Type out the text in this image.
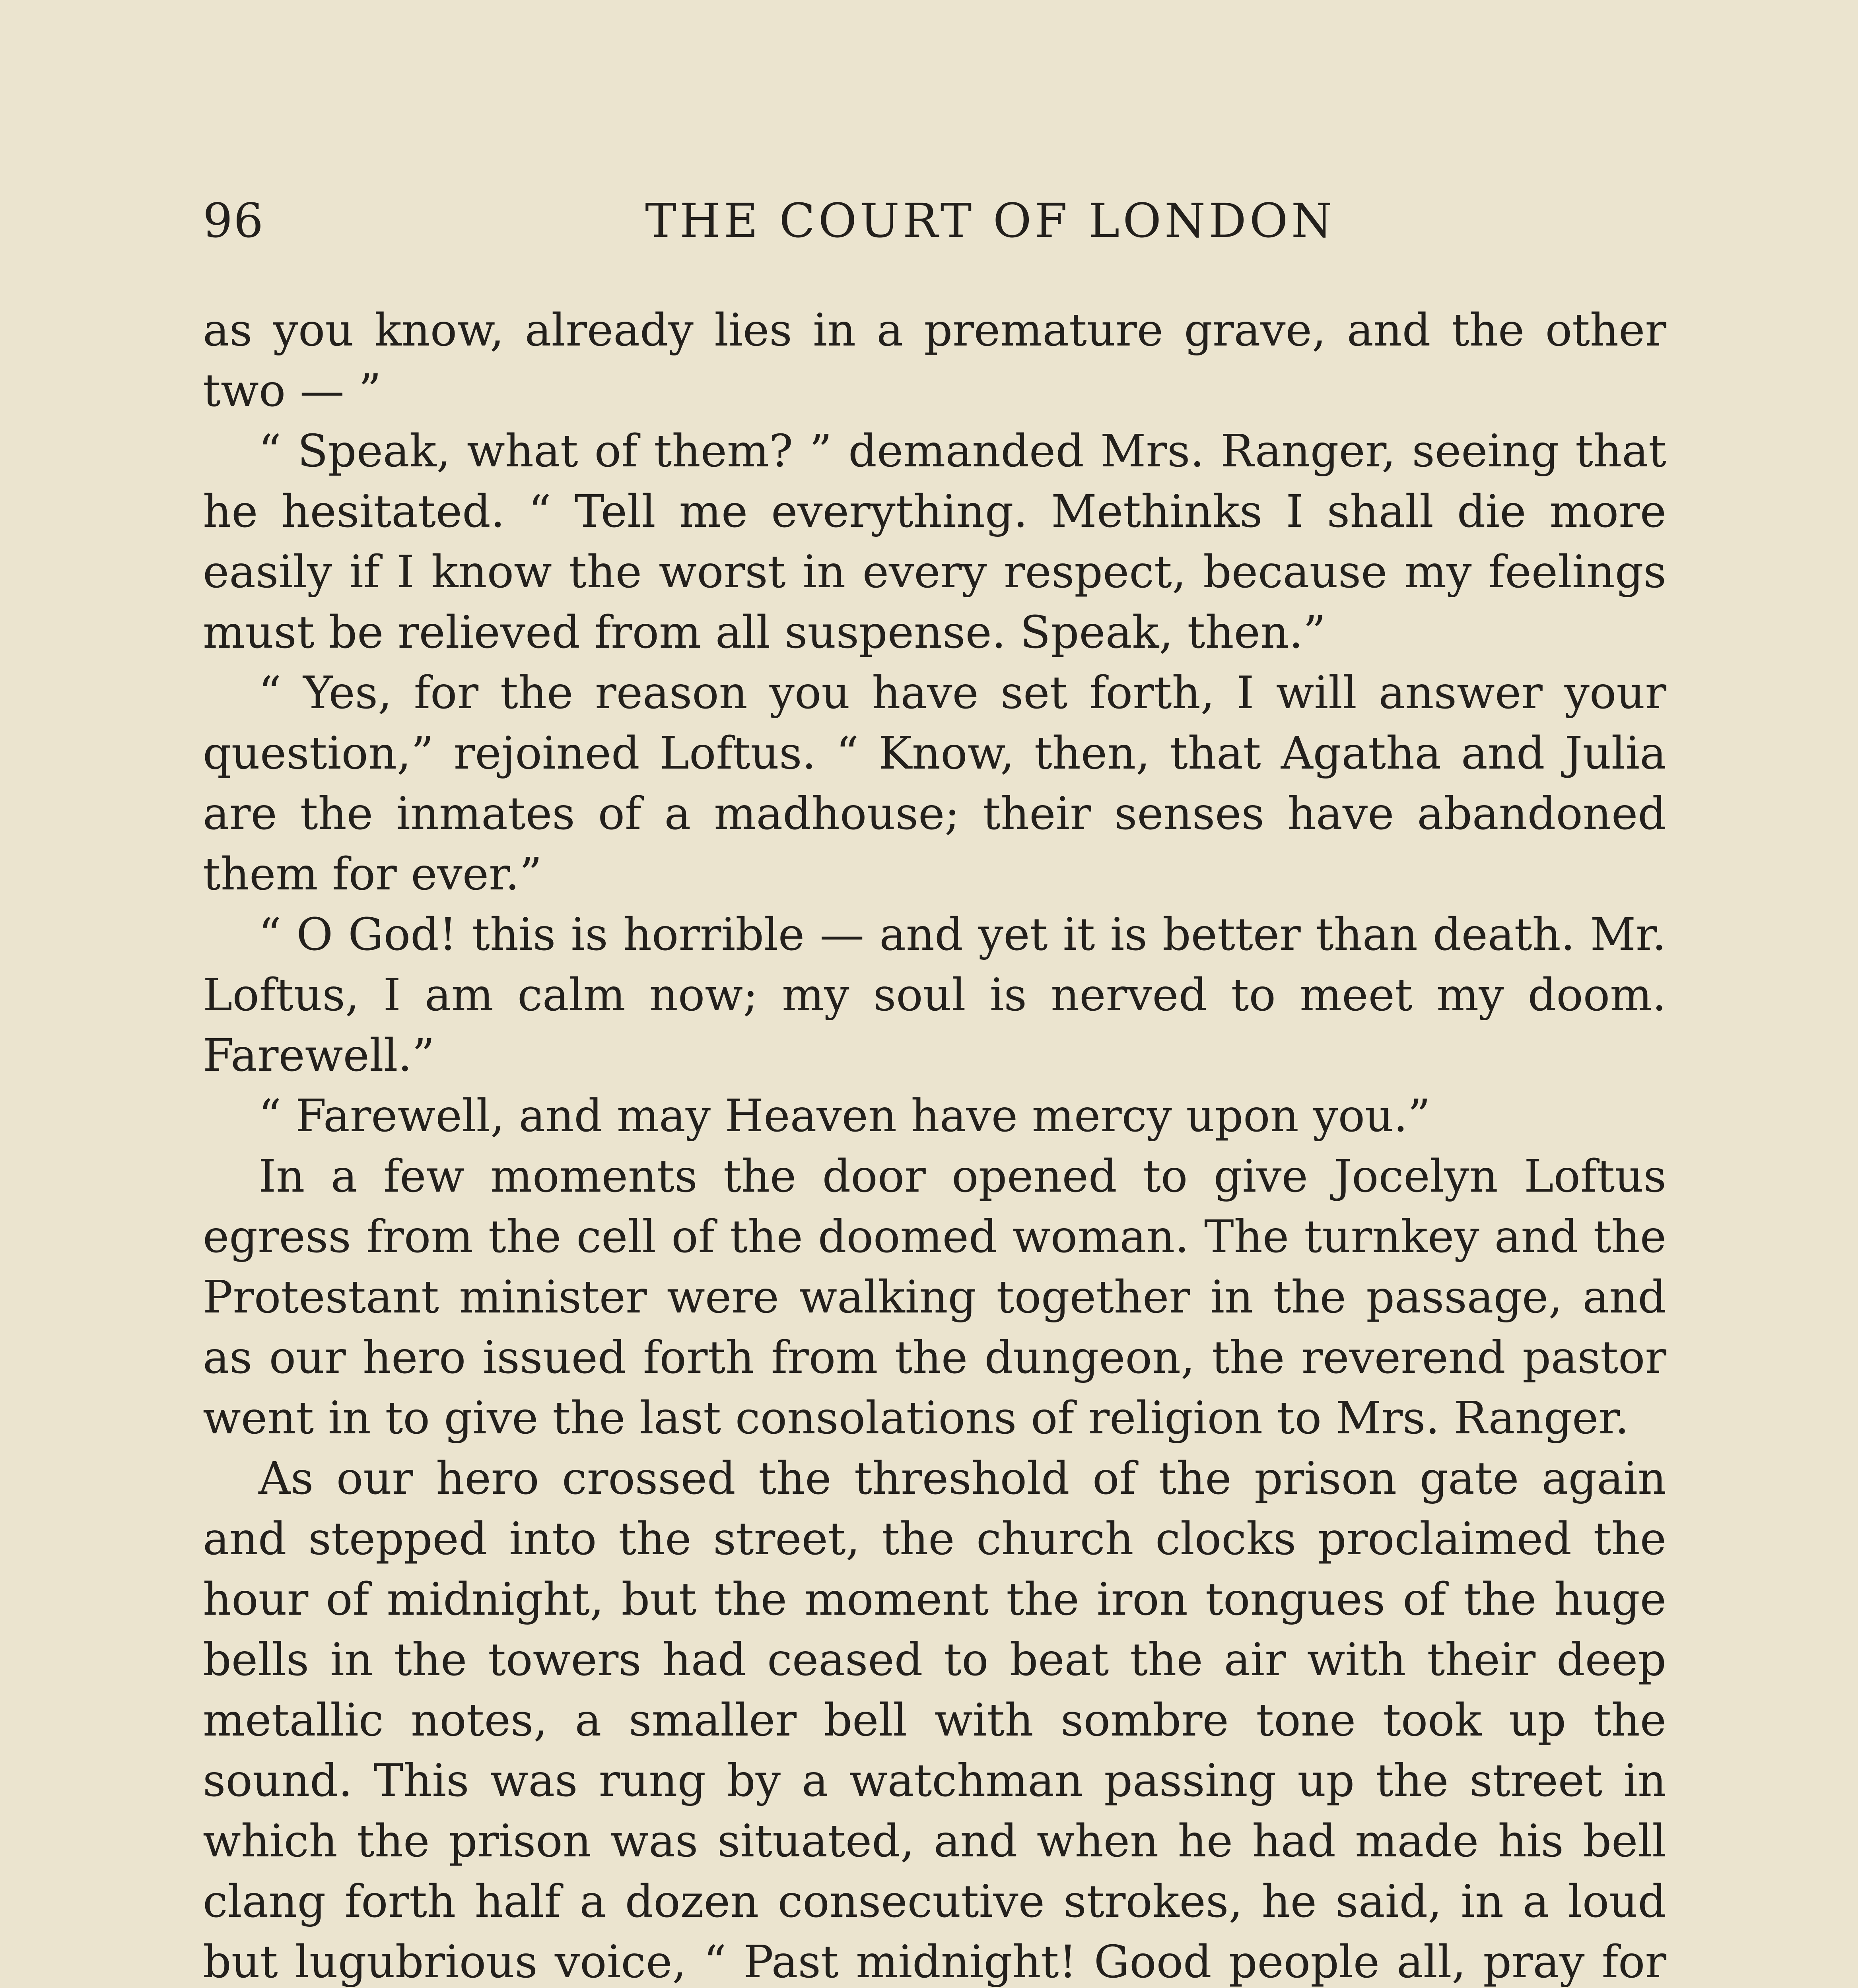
96	THE COURT OF LONDON

as you know, already lies in a premature grave, and the other two — ”

“ Speak, what of them? ” demanded Mrs. Ranger, seeing that he hesitated. “ Tell me everything. Methinks I shall die more easily if I know the worst in every respect, because my feelings must be relieved from all suspense. Speak, then.”

“ Yes, for the reason you have set forth, I will answer your question,” rejoined Loftus. “ Know, then, that Agatha and Julia are the inmates of a madhouse; their senses have abandoned them for ever.”

“ O God! this is horrible — and yet it is better than death. Mr. Loftus, I am calm now; my soul is nerved to meet my doom. Farewell.”

“ Farewell, and may Heaven have mercy upon you.”

In a few moments the door opened to give Jocelyn Loftus egress from the cell of the doomed woman. The turnkey and the Protestant minister were walking together in the passage, and as our hero issued forth from the dungeon, the reverend pastor went in to give the last consolations of religion to Mrs. Ranger.

As our hero crossed the threshold of the prison gate again and stepped into the street, the church clocks proclaimed the hour of midnight, but the moment the iron tongues of the huge bells in the towers had ceased to beat the air with their deep metallic notes, a smaller bell with sombre tone took up the sound. This was rung by a watchman passing up the street in which the prison was situated, and when he had made his bell clang forth half a dozen consecutive strokes, he said, in a loud but lugubrious voice, “ Past midnight! Good people all, pray for
